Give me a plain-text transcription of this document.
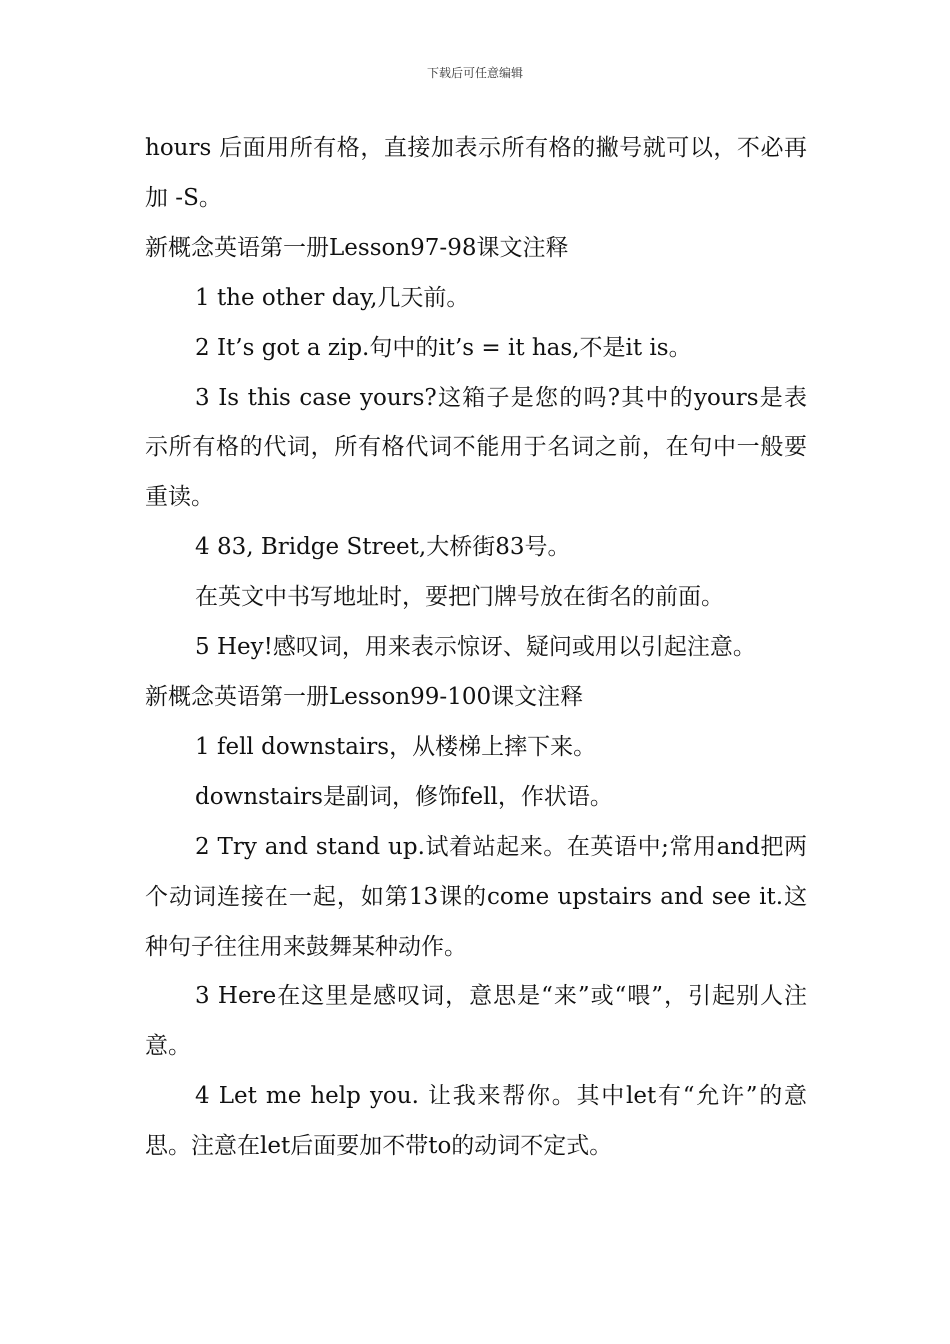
下载后可任意编辑

hours 后面用所有格，直接加表示所有格的撇号就可以，不必再加 -S。

新概念英语第一册Lesson97-98课文注释

1 the other day,几天前。

2 It’s got a zip.句中的it’s = it has,不是it is。

3 Is this case yours?这箱子是您的吗?其中的yours是表示所有格的代词，所有格代词不能用于名词之前，在句中一般要重读。

4 83, Bridge Street,大桥街83号。

在英文中书写地址时，要把门牌号放在街名的前面。

5 Hey!感叹词，用来表示惊讶、疑问或用以引起注意。

新概念英语第一册Lesson99-100课文注释

1 fell downstairs，从楼梯上摔下来。

downstairs是副词，修饰fell，作状语。

2 Try and stand up.试着站起来。在英语中;常用and把两个动词连接在一起，如第13课的come upstairs and see it.这种句子往往用来鼓舞某种动作。

3 Here在这里是感叹词，意思是“来”或“喂”，引起别人注意。

4 Let me help you. 让我来帮你。其中let有“允许”的意思。注意在let后面要加不带to的动词不定式。
